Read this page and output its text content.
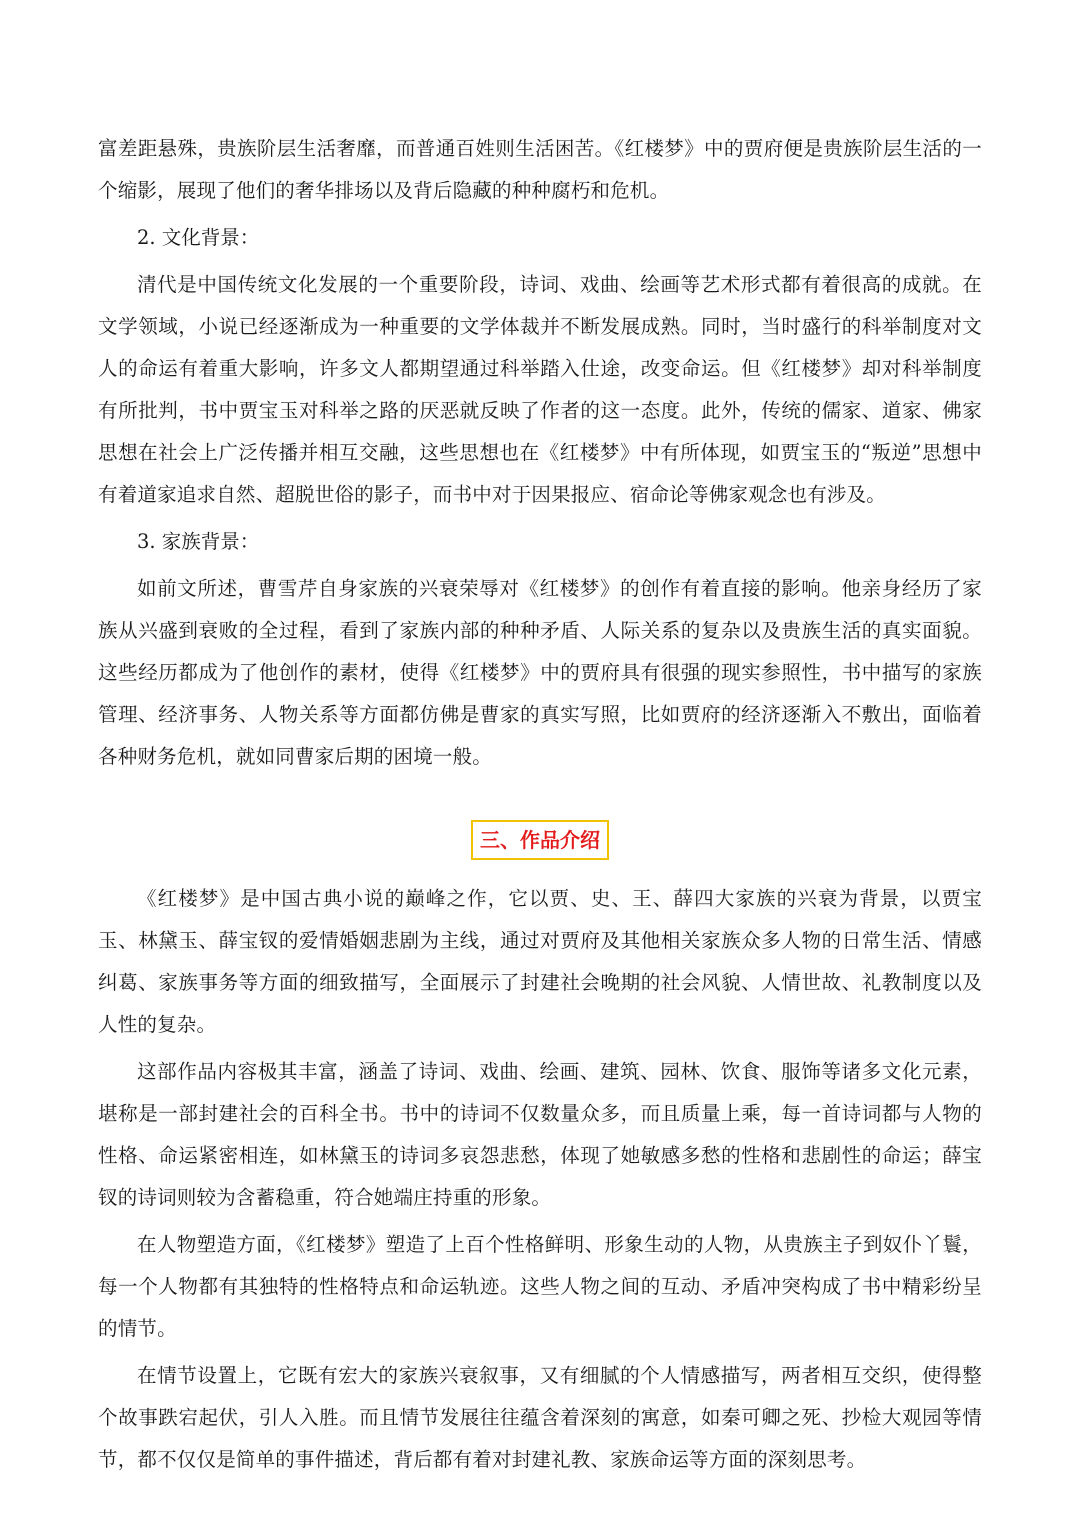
富差距悬殊，贵族阶层生活奢靡，而普通百姓则生活困苦。《红楼梦》中的贾府便是贵族阶层生活的一个缩影，展现了他们的奢华排场以及背后隐藏的种种腐朽和危机。

2. 文化背景：

清代是中国传统文化发展的一个重要阶段，诗词、戏曲、绘画等艺术形式都有着很高的成就。在文学领域，小说已经逐渐成为一种重要的文学体裁并不断发展成熟。同时，当时盛行的科举制度对文人的命运有着重大影响，许多文人都期望通过科举踏入仕途，改变命运。但《红楼梦》却对科举制度有所批判，书中贾宝玉对科举之路的厌恶就反映了作者的这一态度。此外，传统的儒家、道家、佛家思想在社会上广泛传播并相互交融，这些思想也在《红楼梦》中有所体现，如贾宝玉的“叛逆”思想中有着道家追求自然、超脱世俗的影子，而书中对于因果报应、宿命论等佛家观念也有涉及。

3. 家族背景：

如前文所述，曹雪芹自身家族的兴衰荣辱对《红楼梦》的创作有着直接的影响。他亲身经历了家族从兴盛到衰败的全过程，看到了家族内部的种种矛盾、人际关系的复杂以及贵族生活的真实面貌。这些经历都成为了他创作的素材，使得《红楼梦》中的贾府具有很强的现实参照性，书中描写的家族管理、经济事务、人物关系等方面都仿佛是曹家的真实写照，比如贾府的经济逐渐入不敷出，面临着各种财务危机，就如同曹家后期的困境一般。

三、作品介绍

《红楼梦》是中国古典小说的巅峰之作，它以贾、史、王、薛四大家族的兴衰为背景，以贾宝玉、林黛玉、薛宝钗的爱情婚姻悲剧为主线，通过对贾府及其他相关家族众多人物的日常生活、情感纠葛、家族事务等方面的细致描写，全面展示了封建社会晚期的社会风貌、人情世故、礼教制度以及人性的复杂。

这部作品内容极其丰富，涵盖了诗词、戏曲、绘画、建筑、园林、饮食、服饰等诸多文化元素，堪称是一部封建社会的百科全书。书中的诗词不仅数量众多，而且质量上乘，每一首诗词都与人物的性格、命运紧密相连，如林黛玉的诗词多哀怨悲愁，体现了她敏感多愁的性格和悲剧性的命运；薛宝钗的诗词则较为含蓄稳重，符合她端庄持重的形象。

在人物塑造方面，《红楼梦》塑造了上百个性格鲜明、形象生动的人物，从贵族主子到奴仆丫鬟，每一个人物都有其独特的性格特点和命运轨迹。这些人物之间的互动、矛盾冲突构成了书中精彩纷呈的情节。

在情节设置上，它既有宏大的家族兴衰叙事，又有细腻的个人情感描写，两者相互交织，使得整个故事跌宕起伏，引人入胜。而且情节发展往往蕴含着深刻的寓意，如秦可卿之死、抄检大观园等情节，都不仅仅是简单的事件描述，背后都有着对封建礼教、家族命运等方面的深刻思考。
